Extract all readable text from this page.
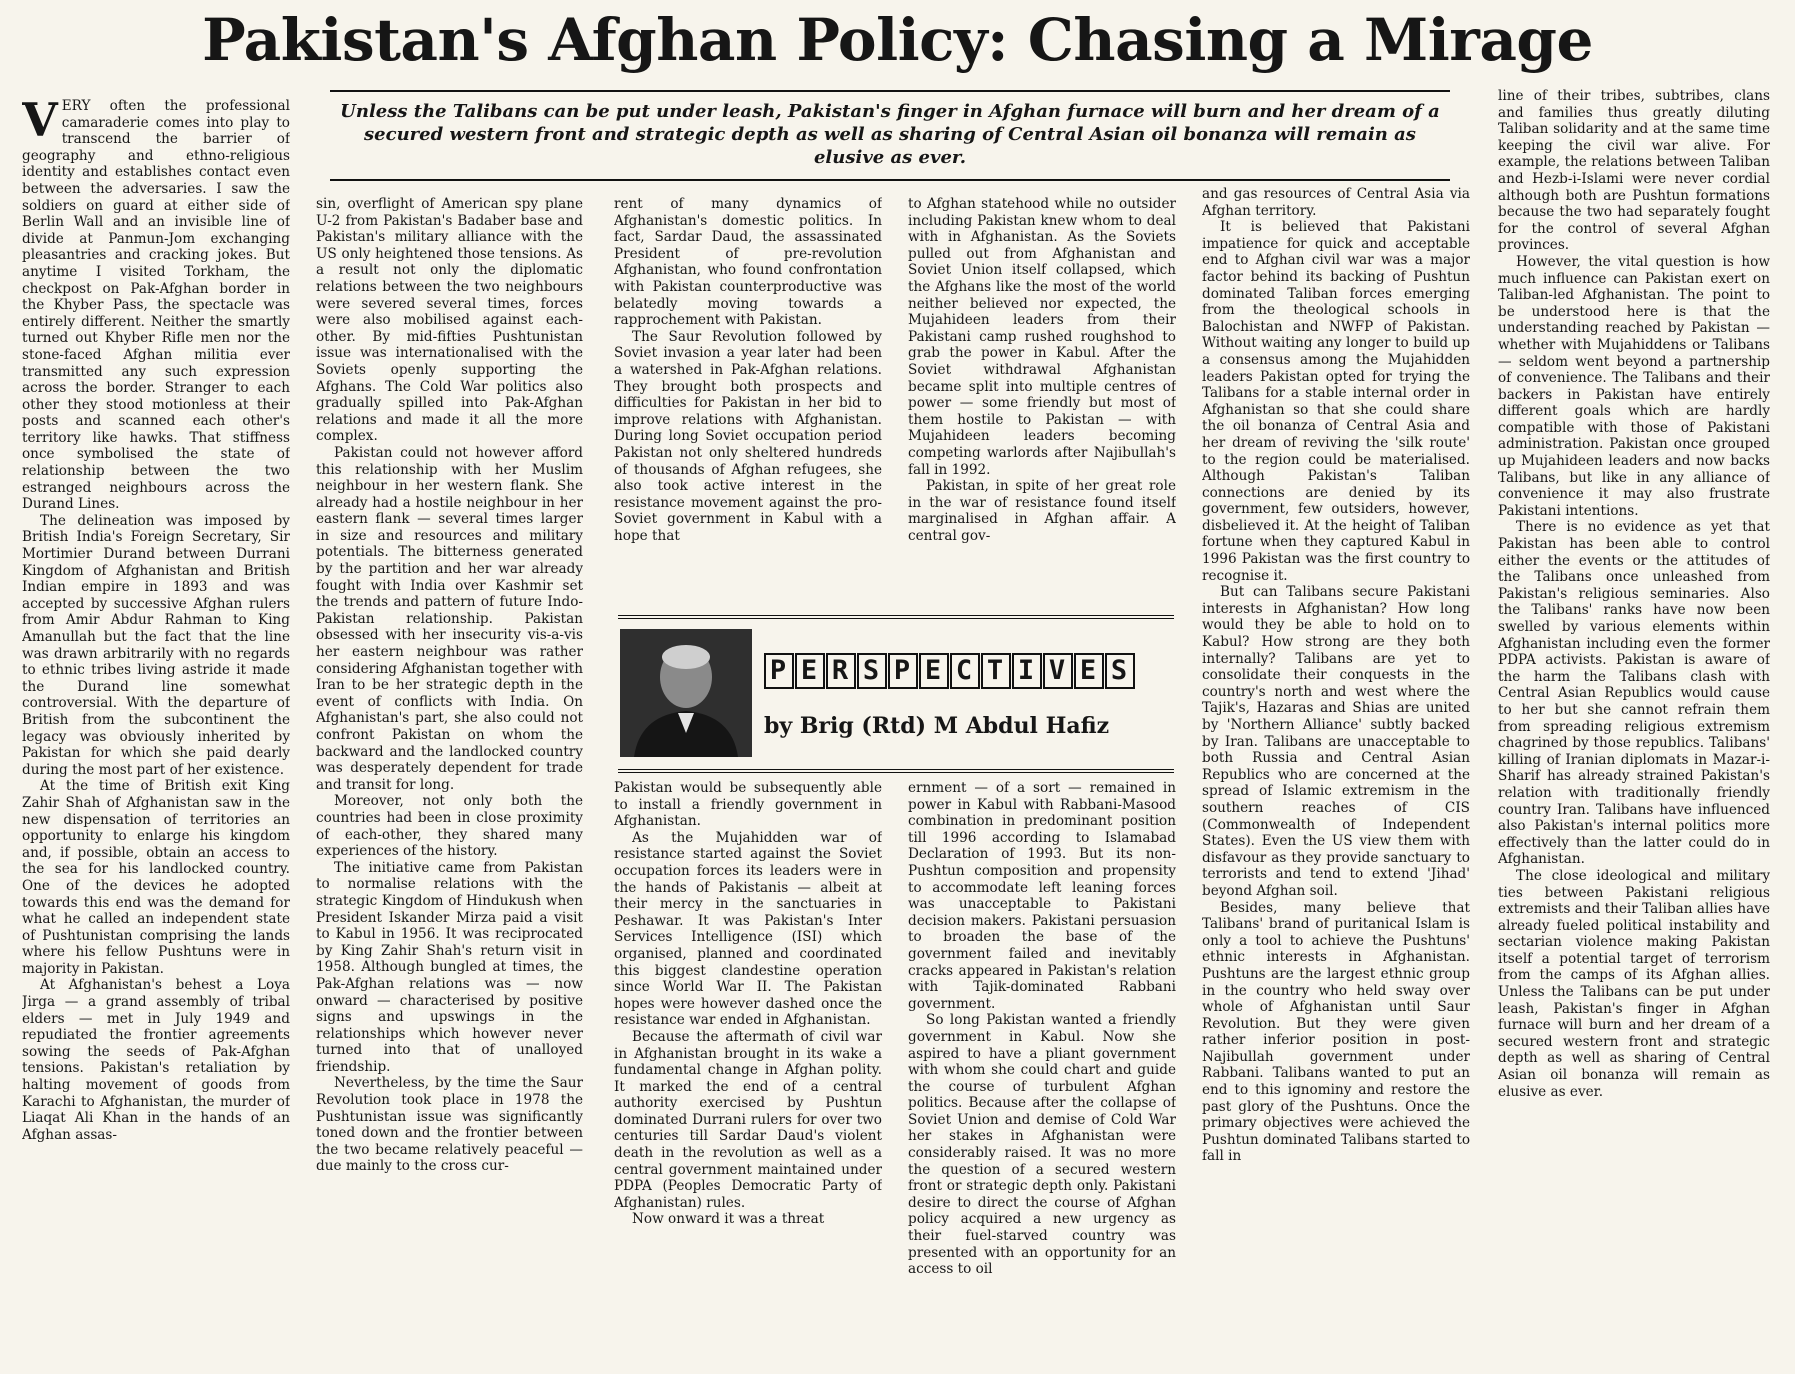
Pakistan's Afghan Policy: Chasing a Mirage
Unless the Talibans can be put under leash, Pakistan's finger in Afghan furnace will burn and her dream of a secured western front and strategic depth as well as sharing of Central Asian oil bonanza will remain as elusive as ever.

VERY often the professional camaraderie comes into play to transcend the barrier of geography and ethno-religious identity and establishes contact even between the adversaries. I saw the soldiers on guard at either side of Berlin Wall and an invisible line of divide at Panmun-Jom exchanging pleasantries and cracking jokes. But anytime I visited Torkham, the checkpost on Pak-Afghan border in the Khyber Pass, the spectacle was entirely different. Neither the smartly turned out Khyber Rifle men nor the stone-faced Afghan militia ever transmitted any such expression across the border. Stranger to each other they stood motionless at their posts and scanned each other's territory like hawks. That stiffness once symbolised the state of relationship between the two estranged neighbours across the Durand Lines.

The delineation was imposed by British India's Foreign Secretary, Sir Mortimier Durand between Durrani Kingdom of Afghanistan and British Indian empire in 1893 and was accepted by successive Afghan rulers from Amir Abdur Rahman to King Amanullah but the fact that the line was drawn arbitrarily with no regards to ethnic tribes living astride it made the Durand line somewhat controversial. With the departure of British from the subcontinent the legacy was obviously inherited by Pakistan for which she paid dearly during the most part of her existence.

At the time of British exit King Zahir Shah of Afghanistan saw in the new dispensation of territories an opportunity to enlarge his kingdom and, if possible, obtain an access to the sea for his landlocked country. One of the devices he adopted towards this end was the demand for what he called an independent state of Pushtunistan comprising the lands where his fellow Pushtuns were in majority in Pakistan.

At Afghanistan's behest a Loya Jirga — a grand assembly of tribal elders — met in July 1949 and repudiated the frontier agreements sowing the seeds of Pak-Afghan tensions. Pakistan's retaliation by halting movement of goods from Karachi to Afghanistan, the murder of Liaqat Ali Khan in the hands of an Afghan assas-

sin, overflight of American spy plane U-2 from Pakistan's Badaber base and Pakistan's military alliance with the US only heightened those tensions. As a result not only the diplomatic relations between the two neighbours were severed several times, forces were also mobilised against each-other. By mid-fifties Pushtunistan issue was internationalised with the Soviets openly supporting the Afghans. The Cold War politics also gradually spilled into Pak-Afghan relations and made it all the more complex.

Pakistan could not however afford this relationship with her Muslim neighbour in her western flank. She already had a hostile neighbour in her eastern flank — several times larger in size and resources and military potentials. The bitterness generated by the partition and her war already fought with India over Kashmir set the trends and pattern of future Indo-Pakistan relationship. Pakistan obsessed with her insecurity vis-a-vis her eastern neighbour was rather considering Afghanistan together with Iran to be her strategic depth in the event of conflicts with India. On Afghanistan's part, she also could not confront Pakistan on whom the backward and the landlocked country was desperately dependent for trade and transit for long.

Moreover, not only both the countries had been in close proximity of each-other, they shared many experiences of the history.

The initiative came from Pakistan to normalise relations with the strategic Kingdom of Hindukush when President Iskander Mirza paid a visit to Kabul in 1956. It was reciprocated by King Zahir Shah's return visit in 1958. Although bungled at times, the Pak-Afghan relations was — now onward — characterised by positive signs and upswings in the relationships which however never turned into that of unalloyed friendship.

Nevertheless, by the time the Saur Revolution took place in 1978 the Pushtunistan issue was significantly toned down and the frontier between the two became relatively peaceful — due mainly to the cross cur-

rent of many dynamics of Afghanistan's domestic politics. In fact, Sardar Daud, the assassinated President of pre-revolution Afghanistan, who found confrontation with Pakistan counterproductive was belatedly moving towards a rapprochement with Pakistan.

The Saur Revolution followed by Soviet invasion a year later had been a watershed in Pak-Afghan relations. They brought both prospects and difficulties for Pakistan in her bid to improve relations with Afghanistan. During long Soviet occupation period Pakistan not only sheltered hundreds of thousands of Afghan refugees, she also took active interest in the resistance movement against the pro-Soviet government in Kabul with a hope that

to Afghan statehood while no outsider including Pakistan knew whom to deal with in Afghanistan. As the Soviets pulled out from Afghanistan and Soviet Union itself collapsed, which the Afghans like the most of the world neither believed nor expected, the Mujahideen leaders from their Pakistani camp rushed roughshod to grab the power in Kabul. After the Soviet withdrawal Afghanistan became split into multiple centres of power — some friendly but most of them hostile to Pakistan — with Mujahideen leaders becoming competing warlords after Najibullah's fall in 1992.

Pakistan, in spite of her great role in the war of resistance found itself marginalised in Afghan affair. A central gov-

P E R S P E C T I V E S
by Brig (Rtd) M Abdul Hafiz

Pakistan would be subsequently able to install a friendly government in Afghanistan.

As the Mujahidden war of resistance started against the Soviet occupation forces its leaders were in the hands of Pakistanis — albeit at their mercy in the sanctuaries in Peshawar. It was Pakistan's Inter Services Intelligence (ISI) which organised, planned and coordinated this biggest clandestine operation since World War II. The Pakistan hopes were however dashed once the resistance war ended in Afghanistan.

Because the aftermath of civil war in Afghanistan brought in its wake a fundamental change in Afghan polity. It marked the end of a central authority exercised by Pushtun dominated Durrani rulers for over two centuries till Sardar Daud's violent death in the revolution as well as a central government maintained under PDPA (Peoples Democratic Party of Afghanistan) rules.

Now onward it was a threat

ernment — of a sort — remained in power in Kabul with Rabbani-Masood combination in predominant position till 1996 according to Islamabad Declaration of 1993. But its non-Pushtun composition and propensity to accommodate left leaning forces was unacceptable to Pakistani decision makers. Pakistani persuasion to broaden the base of the government failed and inevitably cracks appeared in Pakistan's relation with Tajik-dominated Rabbani government.

So long Pakistan wanted a friendly government in Kabul. Now she aspired to have a pliant government with whom she could chart and guide the course of turbulent Afghan politics. Because after the collapse of Soviet Union and demise of Cold War her stakes in Afghanistan were considerably raised. It was no more the question of a secured western front or strategic depth only. Pakistani desire to direct the course of Afghan policy acquired a new urgency as their fuel-starved country was presented with an opportunity for an access to oil

and gas resources of Central Asia via Afghan territory.

It is believed that Pakistani impatience for quick and acceptable end to Afghan civil war was a major factor behind its backing of Pushtun dominated Taliban forces emerging from the theological schools in Balochistan and NWFP of Pakistan. Without waiting any longer to build up a consensus among the Mujahidden leaders Pakistan opted for trying the Talibans for a stable internal order in Afghanistan so that she could share the oil bonanza of Central Asia and her dream of reviving the 'silk route' to the region could be materialised. Although Pakistan's Taliban connections are denied by its government, few outsiders, however, disbelieved it. At the height of Taliban fortune when they captured Kabul in 1996 Pakistan was the first country to recognise it.

But can Talibans secure Pakistani interests in Afghanistan? How long would they be able to hold on to Kabul? How strong are they both internally? Talibans are yet to consolidate their conquests in the country's north and west where the Tajik's, Hazaras and Shias are united by 'Northern Alliance' subtly backed by Iran. Talibans are unacceptable to both Russia and Central Asian Republics who are concerned at the spread of Islamic extremism in the southern reaches of CIS (Commonwealth of Independent States). Even the US view them with disfavour as they provide sanctuary to terrorists and tend to extend 'Jihad' beyond Afghan soil.

Besides, many believe that Talibans' brand of puritanical Islam is only a tool to achieve the Pushtuns' ethnic interests in Afghanistan. Pushtuns are the largest ethnic group in the country who held sway over whole of Afghanistan until Saur Revolution. But they were given rather inferior position in post-Najibullah government under Rabbani. Talibans wanted to put an end to this ignominy and restore the past glory of the Pushtuns. Once the primary objectives were achieved the Pushtun dominated Talibans started to fall in

line of their tribes, subtribes, clans and families thus greatly diluting Taliban solidarity and at the same time keeping the civil war alive. For example, the relations between Taliban and Hezb-i-Islami were never cordial although both are Pushtun formations because the two had separately fought for the control of several Afghan provinces.

However, the vital question is how much influence can Pakistan exert on Taliban-led Afghanistan. The point to be understood here is that the understanding reached by Pakistan — whether with Mujahiddens or Talibans — seldom went beyond a partnership of convenience. The Talibans and their backers in Pakistan have entirely different goals which are hardly compatible with those of Pakistani administration. Pakistan once grouped up Mujahideen leaders and now backs Talibans, but like in any alliance of convenience it may also frustrate Pakistani intentions.

There is no evidence as yet that Pakistan has been able to control either the events or the attitudes of the Talibans once unleashed from Pakistan's religious seminaries. Also the Talibans' ranks have now been swelled by various elements within Afghanistan including even the former PDPA activists. Pakistan is aware of the harm the Talibans clash with Central Asian Republics would cause to her but she cannot refrain them from spreading religious extremism chagrined by those republics. Talibans' killing of Iranian diplomats in Mazar-i-Sharif has already strained Pakistan's relation with traditionally friendly country Iran. Talibans have influenced also Pakistan's internal politics more effectively than the latter could do in Afghanistan.

The close ideological and military ties between Pakistani religious extremists and their Taliban allies have already fueled political instability and sectarian violence making Pakistan itself a potential target of terrorism from the camps of its Afghan allies. Unless the Talibans can be put under leash, Pakistan's finger in Afghan furnace will burn and her dream of a secured western front and strategic depth as well as sharing of Central Asian oil bonanza will remain as elusive as ever.
